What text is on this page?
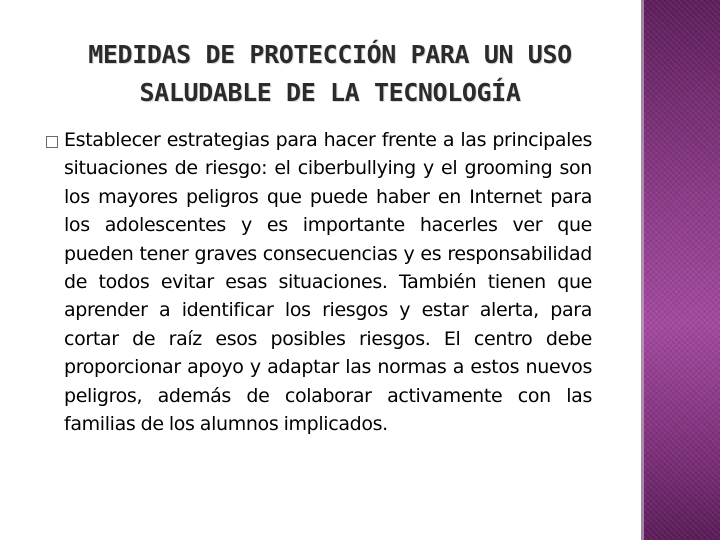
MEDIDAS DE PROTECCIÓN PARA UN USO SALUDABLE DE LA TECNOLOGÍA
Establecer estrategias para hacer frente a las principales situaciones de riesgo: el ciberbullying y el grooming son los mayores peligros que puede haber en Internet para los adolescentes y es importante hacerles ver que pueden tener graves consecuencias y es responsabilidad de todos evitar esas situaciones. También tienen que aprender a identificar los riesgos y estar alerta, para cortar de raíz esos posibles riesgos. El centro debe proporcionar apoyo y adaptar las normas a estos nuevos peligros, además de colaborar activamente con las familias de los alumnos implicados.
